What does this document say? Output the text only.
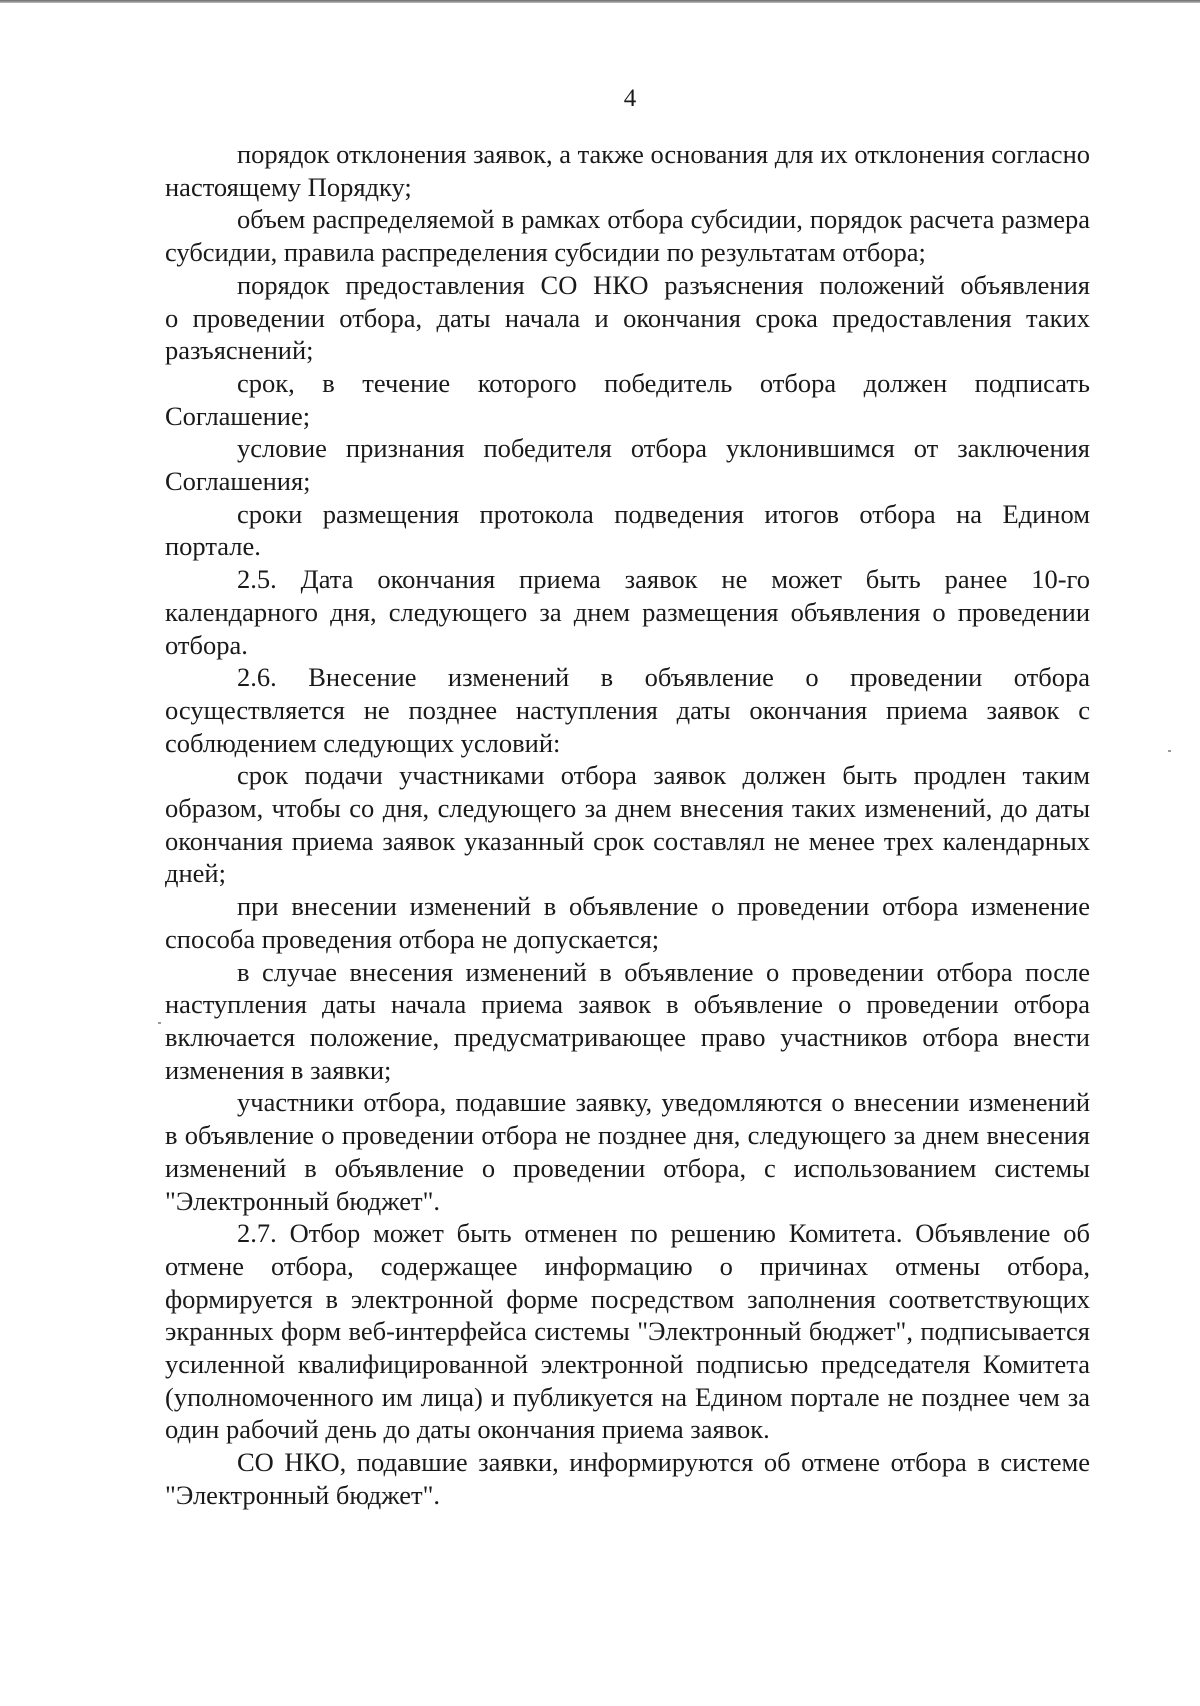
4

порядок отклонения заявок, а также основания для их отклонения согласно настоящему Порядку;

объем распределяемой в рамках отбора субсидии, порядок расчета размера субсидии, правила распределения субсидии по результатам отбора;

порядок предоставления СО НКО разъяснения положений объявления о проведении отбора, даты начала и окончания срока предоставления таких разъяснений;

срок, в течение которого победитель отбора должен подписать Соглашение;

условие признания победителя отбора уклонившимся от заключения Соглашения;

сроки размещения протокола подведения итогов отбора на Едином портале.

2.5. Дата окончания приема заявок не может быть ранее 10-го календарного дня, следующего за днем размещения объявления о проведении отбора.

2.6. Внесение изменений в объявление о проведении отбора осуществляется не позднее наступления даты окончания приема заявок с соблюдением следующих условий:

срок подачи участниками отбора заявок должен быть продлен таким образом, чтобы со дня, следующего за днем внесения таких изменений, до даты окончания приема заявок указанный срок составлял не менее трех календарных дней;

при внесении изменений в объявление о проведении отбора изменение способа проведения отбора не допускается;

в случае внесения изменений в объявление о проведении отбора после наступления даты начала приема заявок в объявление о проведении отбора включается положение, предусматривающее право участников отбора внести изменения в заявки;

участники отбора, подавшие заявку, уведомляются о внесении изменений в объявление о проведении отбора не позднее дня, следующего за днем внесения изменений в объявление о проведении отбора, с использованием системы "Электронный бюджет".

2.7. Отбор может быть отменен по решению Комитета. Объявление об отмене отбора, содержащее информацию о причинах отмены отбора, формируется в электронной форме посредством заполнения соответствующих экранных форм веб-интерфейса системы "Электронный бюджет", подписывается усиленной квалифицированной электронной подписью председателя Комитета (уполномоченного им лица) и публикуется на Едином портале не позднее чем за один рабочий день до даты окончания приема заявок.

СО НКО, подавшие заявки, информируются об отмене отбора в системе "Электронный бюджет".
